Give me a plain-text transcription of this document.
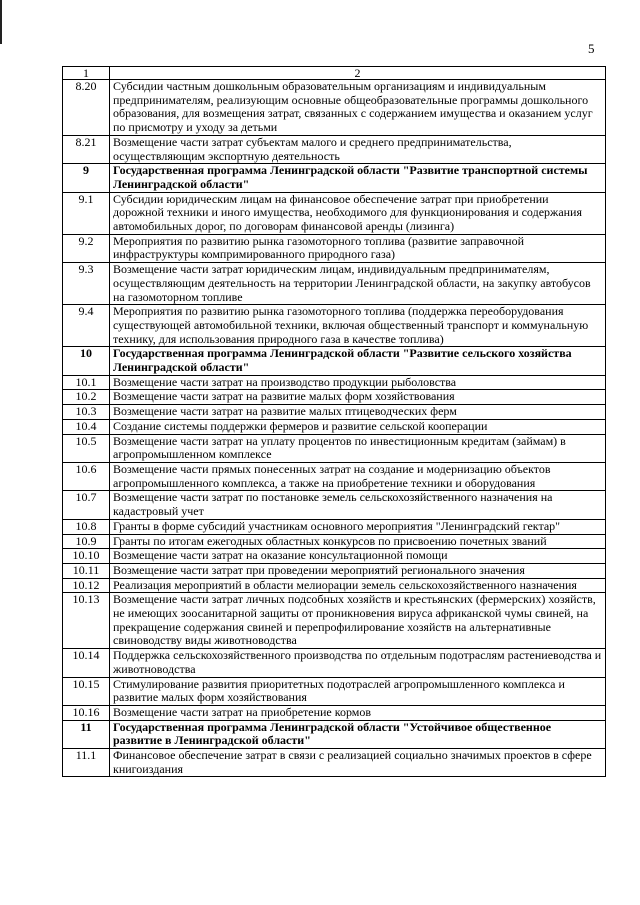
5
1	2
8.20	Субсидии частным дошкольным образовательным организациям и индивидуальным предпринимателям, реализующим основные общеобразовательные программы дошкольного образования, для возмещения затрат, связанных с содержанием имущества и оказанием услуг по присмотру и уходу за детьми
8.21	Возмещение части затрат субъектам малого и среднего предпринимательства, осуществляющим экспортную деятельность
9	Государственная программа Ленинградской области "Развитие транспортной системы Ленинградской области"
9.1	Субсидии юридическим лицам на финансовое обеспечение затрат при приобретении дорожной техники и иного имущества, необходимого для функционирования и содержания автомобильных дорог, по договорам финансовой аренды (лизинга)
9.2	Мероприятия по развитию рынка газомоторного топлива (развитие заправочной инфраструктуры компримированного природного газа)
9.3	Возмещение части затрат юридическим лицам, индивидуальным предпринимателям, осуществляющим деятельность на территории Ленинградской области, на закупку автобусов на газомоторном топливе
9.4	Мероприятия по развитию рынка газомоторного топлива (поддержка переоборудования существующей автомобильной техники, включая общественный транспорт и коммунальную технику, для использования природного газа в качестве топлива)
10	Государственная программа Ленинградской области "Развитие сельского хозяйства Ленинградской области"
10.1	Возмещение части затрат на производство продукции рыболовства
10.2	Возмещение части затрат на развитие малых форм хозяйствования
10.3	Возмещение части затрат на развитие малых птицеводческих ферм
10.4	Создание системы поддержки фермеров и развитие сельской кооперации
10.5	Возмещение части затрат на уплату процентов по инвестиционным кредитам (займам) в агропромышленном комплексе
10.6	Возмещение части прямых понесенных затрат на создание и модернизацию объектов агропромышленного комплекса, а также на приобретение техники и оборудования
10.7	Возмещение части затрат по постановке земель сельскохозяйственного назначения на кадастровый учет
10.8	Гранты в форме субсидий участникам основного мероприятия "Ленинградский гектар"
10.9	Гранты по итогам ежегодных областных конкурсов по присвоению почетных званий
10.10	Возмещение части затрат на оказание консультационной помощи
10.11	Возмещение части затрат при проведении мероприятий регионального значения
10.12	Реализация мероприятий в области мелиорации земель сельскохозяйственного назначения
10.13	Возмещение части затрат личных подсобных хозяйств и крестьянских (фермерских) хозяйств, не имеющих зоосанитарной защиты от проникновения вируса африканской чумы свиней, на прекращение содержания свиней и перепрофилирование хозяйств на альтернативные свиноводству виды животноводства
10.14	Поддержка сельскохозяйственного производства по отдельным подотраслям растениеводства и животноводства
10.15	Стимулирование развития приоритетных подотраслей агропромышленного комплекса и развитие малых форм хозяйствования
10.16	Возмещение части затрат на приобретение кормов
11	Государственная программа Ленинградской области "Устойчивое общественное развитие в Ленинградской области"
11.1	Финансовое обеспечение затрат в связи с реализацией социально значимых проектов в сфере книгоиздания
